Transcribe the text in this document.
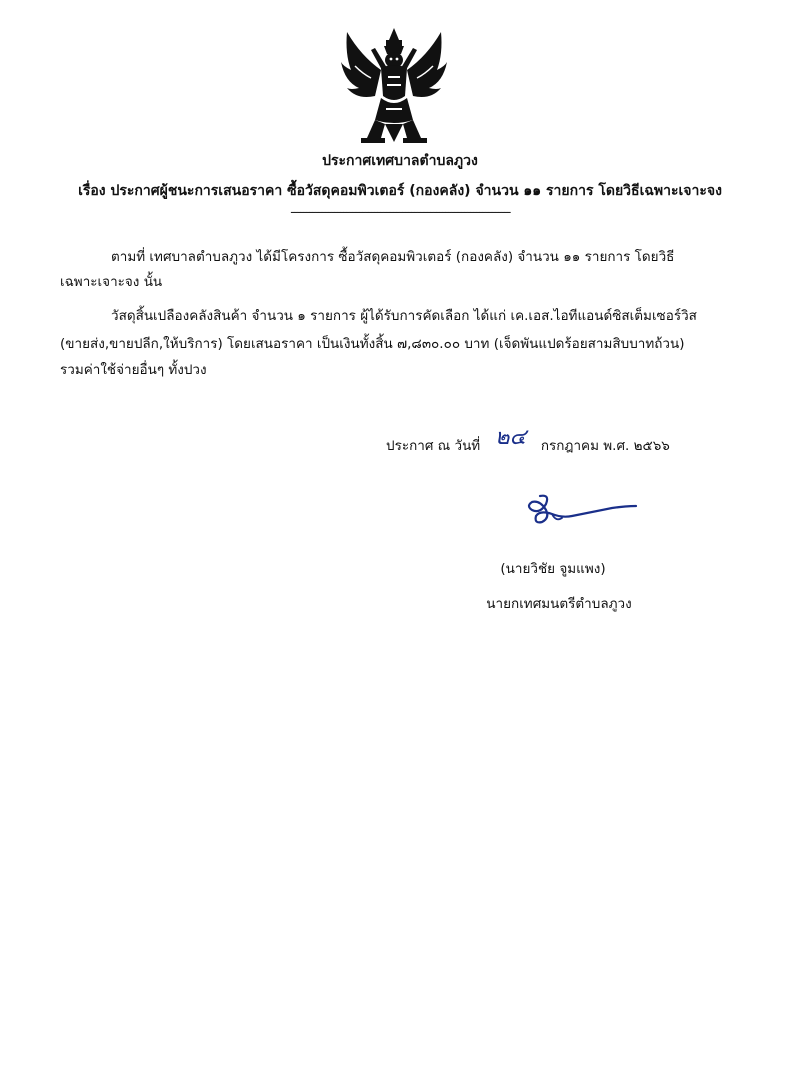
ประกาศเทศบาลตำบลภูวง
เรื่อง ประกาศผู้ชนะการเสนอราคา ซื้อวัสดุคอมพิวเตอร์ (กองคลัง) จำนวน ๑๑ รายการ โดยวิธีเฉพาะเจาะจง
-----------------------------------------------------------------------
ตามที่ เทศบาลตำบลภูวง ได้มีโครงการ ซื้อวัสดุคอมพิวเตอร์ (กองคลัง) จำนวน ๑๑ รายการ โดยวิธี
เฉพาะเจาะจง นั้น
วัสดุสิ้นเปลืองคลังสินค้า จำนวน ๑ รายการ ผู้ได้รับการคัดเลือก ได้แก่ เค.เอส.ไอทีแอนด์ซิสเต็มเซอร์วิส
(ขายส่ง,ขายปลีก,ให้บริการ) โดยเสนอราคา เป็นเงินทั้งสิ้น ๗,๘๓๐.๐๐ บาท (เจ็ดพันแปดร้อยสามสิบบาทถ้วน)
รวมค่าใช้จ่ายอื่นๆ ทั้งปวง
ประกาศ ณ วันที่ ๒๔ กรกฎาคม พ.ศ. ๒๕๖๖
(นายวิชัย จูมแพง)
นายกเทศมนตรีตำบลภูวง
